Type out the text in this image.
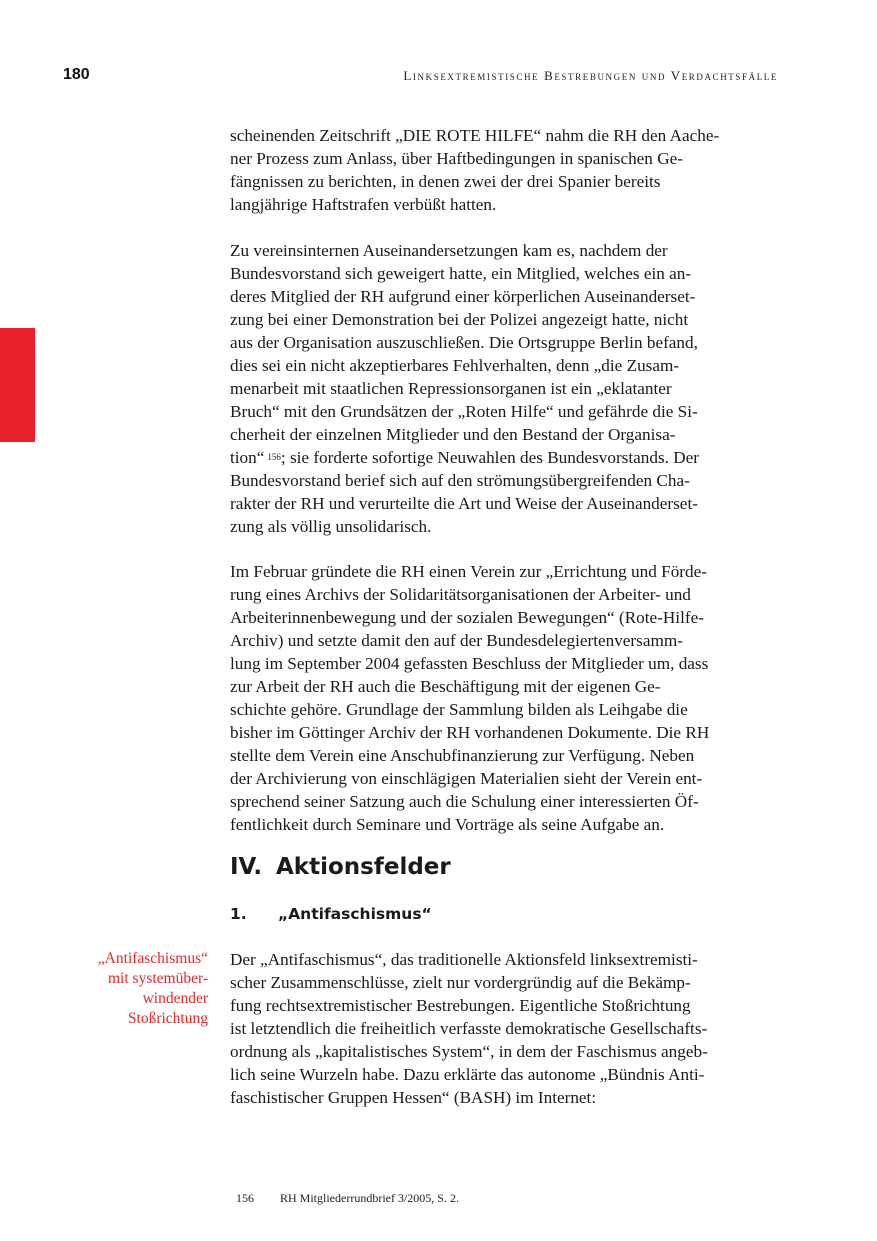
180	Linksextremistische Bestrebungen und Verdachtsfälle
scheinenden Zeitschrift „DIE ROTE HILFE“ nahm die RH den Aache-
ner Prozess zum Anlass, über Haftbedingungen in spanischen Ge-
fängnissen zu berichten, in denen zwei der drei Spanier bereits
langjährige Haftstrafen verbüßt hatten.
Zu vereinsinternen Auseinandersetzungen kam es, nachdem der
Bundesvorstand sich geweigert hatte, ein Mitglied, welches ein an-
deres Mitglied der RH aufgrund einer körperlichen Auseinanderset-
zung bei einer Demonstration bei der Polizei angezeigt hatte, nicht
aus der Organisation auszuschließen. Die Ortsgruppe Berlin befand,
dies sei ein nicht akzeptierbares Fehlverhalten, denn „die Zusam-
menarbeit mit staatlichen Repressionsorganen ist ein „eklatanter
Bruch“ mit den Grundsätzen der „Roten Hilfe“ und gefährde die Si-
cherheit der einzelnen Mitglieder und den Bestand der Organisa-
tion“ $^{156}$; sie forderte sofortige Neuwahlen des Bundesvorstands. Der
Bundesvorstand berief sich auf den strömungsübergreifenden Cha-
rakter der RH und verurteilte die Art und Weise der Auseinanderset-
zung als völlig unsolidarisch.
Im Februar gründete die RH einen Verein zur „Errichtung und Förde-
rung eines Archivs der Solidaritätsorganisationen der Arbeiter- und
Arbeiterinnenbewegung und der sozialen Bewegungen“ (Rote-Hilfe-
Archiv) und setzte damit den auf der Bundesdelegiertenversamm-
lung im September 2004 gefassten Beschluss der Mitglieder um, dass
zur Arbeit der RH auch die Beschäftigung mit der eigenen Ge-
schichte gehöre. Grundlage der Sammlung bilden als Leihgabe die
bisher im Göttinger Archiv der RH vorhandenen Dokumente. Die RH
stellte dem Verein eine Anschubfinanzierung zur Verfügung. Neben
der Archivierung von einschlägigen Materialien sieht der Verein ent-
sprechend seiner Satzung auch die Schulung einer interessierten Öf-
fentlichkeit durch Seminare und Vorträge als seine Aufgabe an.
IV. Aktionsfelder
1. „Antifaschismus“
„Antifaschismus“
mit systemüber-
windender
Stoßrichtung
Der „Antifaschismus“, das traditionelle Aktionsfeld linksextremisti-
scher Zusammenschlüsse, zielt nur vordergründig auf die Bekämp-
fung rechtsextremistischer Bestrebungen. Eigentliche Stoßrichtung
ist letztendlich die freiheitlich verfasste demokratische Gesellschafts-
ordnung als „kapitalistisches System“, in dem der Faschismus angeb-
lich seine Wurzeln habe. Dazu erklärte das autonome „Bündnis Anti-
faschistischer Gruppen Hessen“ (BASH) im Internet:
156 RH Mitgliederrundbrief 3/2005, S. 2.
